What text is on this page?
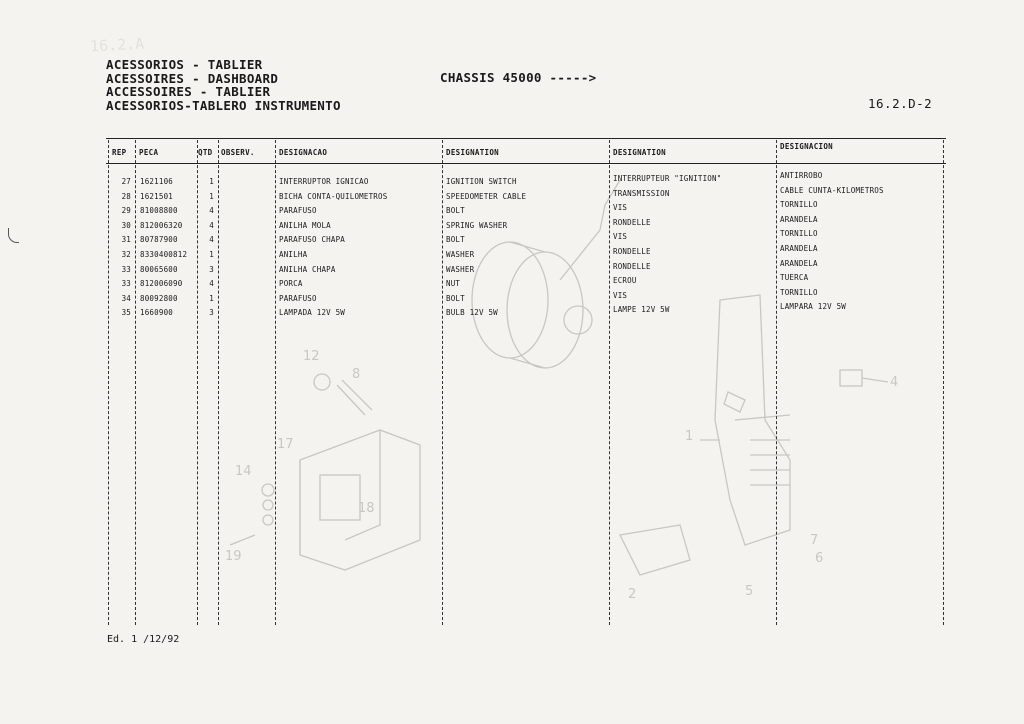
16.2.A
12
8
17
14
18
19
1
2	5
6
7
4
ACESSORIOS - TABLIER
ACESSOIRES - DASHBOARD
ACCESSOIRES - TABLIER
ACESSORIOS-TABLERO INSTRUMENTO
CHASSIS 45000 ----->
16.2.D-2
REP PECA	QTD OBSERV.	DESIGNACAO	DESIGNATION	DESIGNATION
DESIGNACION
27 1621106	1	INTERRUPTOR IGNICAO	IGNITION SWITCH	INTERRUPTEUR "IGNITION"	ANTIRROBO
28 1621501	1	BICHA CONTA-QUILOMETROS	SPEEDOMETER CABLE	TRANSMISSION	CABLE CUNTA-KILOMETROS
29 81008800	4	PARAFUSO	BOLT	VIS	TORNILLO
30 812006320	4	ANILHA MOLA	SPRING WASHER	RONDELLE	ARANDELA
31 80787900	4	PARAFUSO CHAPA	BOLT	VIS	TORNILLO
32 8330400812	1	ANILHA	WASHER	RONDELLE	ARANDELA
33 80065600	3	ANILHA CHAPA	WASHER	RONDELLE	ARANDELA
33 812006090	4	PORCA	NUT	ECROU	TUERCA
34 80092800	1	PARAFUSO	BOLT	VIS	TORNILLO
35 1660900	3	LAMPADA 12V 5W	BULB 12V 5W	LAMPE 12V 5W	LAMPARA 12V 5W
Ed. 1 /12/92
